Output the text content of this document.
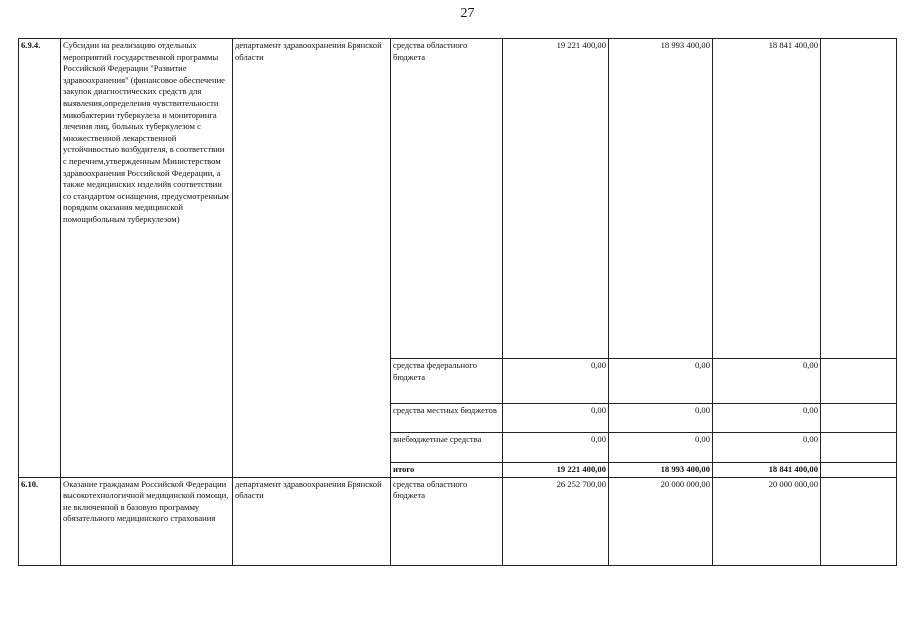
27
6.9.4.	Субсидии на реализацию отдельных мероприятий государственной программы Российской Федерации "Развитие здравоохранения" (финансовое обеспечение закупок диагностических средств для выявления,определения чувствительности микобактерии туберкулеза и мониторинга лечения лиц, больных туберкулезом с множественной лекарственной устойчивостью возбудителя, в соответствии с перечнем,утвержденным Министерством здравоохранения Российской Федерации, а также медицинских изделийв соответствии со стандартом оснащения, предусмотренным порядком оказания медицинской помощибольным туберкулезом)	департамент здравоохранения Брянской области	средства областного бюджета	19 221 400,00	18 993 400,00	18 841 400,00	
			средства федерального бюджета	0,00	0,00	0,00	
			средства местных бюджетов	0,00	0,00	0,00	
			внебюджетные средства	0,00	0,00	0,00	
			итого	19 221 400,00	18 993 400,00	18 841 400,00	
6.10.	Оказание гражданам Российской Федерации высокотехнологичной медицинской помощи, не включенной в базовую программу обязательного медицинского страхования	департамент здравоохранения Брянской области	средства областного бюджета	26 252 700,00	20 000 000,00	20 000 000,00	
